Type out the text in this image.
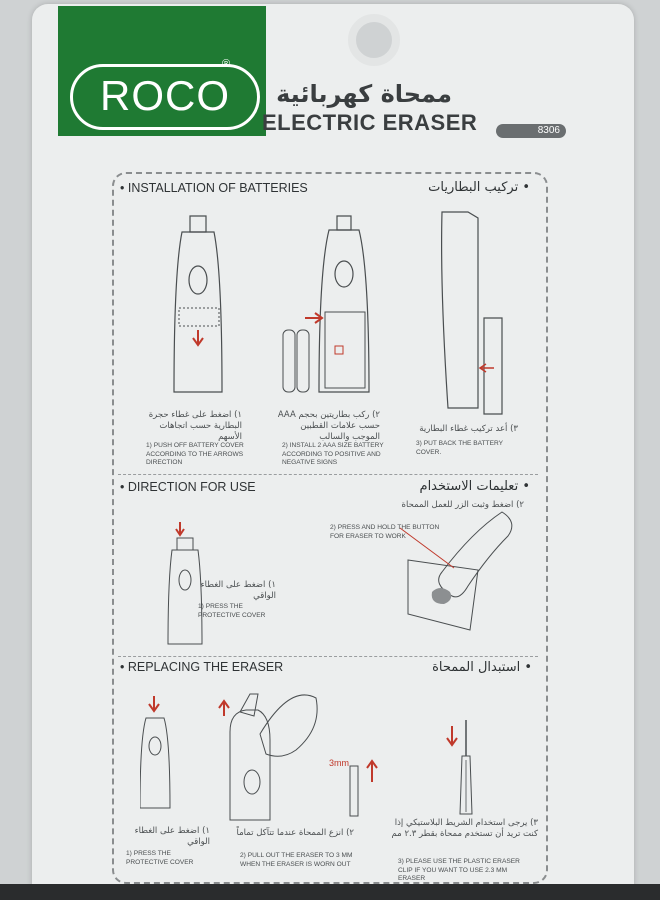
ROCO
®
ممحاة كهربائية
ELECTRIC ERASER	8306
• INSTALLATION OF BATTERIES	• تركيب البطاريات
١) اضغط على غطاء حجرة البطارية حسب اتجاهات الأسهم
1) PUSH OFF BATTERY COVER ACCORDING TO THE ARROWS DIRECTION
٢) ركب بطاريتين بحجم AAA حسب علامات القطبين الموجب والسالب
2) INSTALL 2 AAA SIZE BATTERY ACCORDING TO POSITIVE AND NEGATIVE SIGNS
٣) أعد تركيب غطاء البطارية
3) PUT BACK THE BATTERY COVER.
• DIRECTION FOR USE	• تعليمات الاستخدام
١) اضغط على الغطاء الواقي
1) PRESS THE PROTECTIVE COVER
٢) اضغط وثبت الزر للعمل الممحاة
2) PRESS AND HOLD THE BUTTON FOR ERASER TO WORK
• REPLACING THE ERASER	• استبدال الممحاة
3mm
١) اضغط على الغطاء الواقي
1) PRESS THE PROTECTIVE COVER
٢) انزع الممحاة عندما تتآكل تماماً
2) PULL OUT THE ERASER TO 3 MM WHEN THE ERASER IS WORN OUT
٣) يرجى استخدام الشريط البلاستيكي إذا كنت تريد أن تستخدم ممحاة بقطر ٢.٣ مم
3) PLEASE USE THE PLASTIC ERASER CLIP IF YOU WANT TO USE 2.3 MM ERASER
